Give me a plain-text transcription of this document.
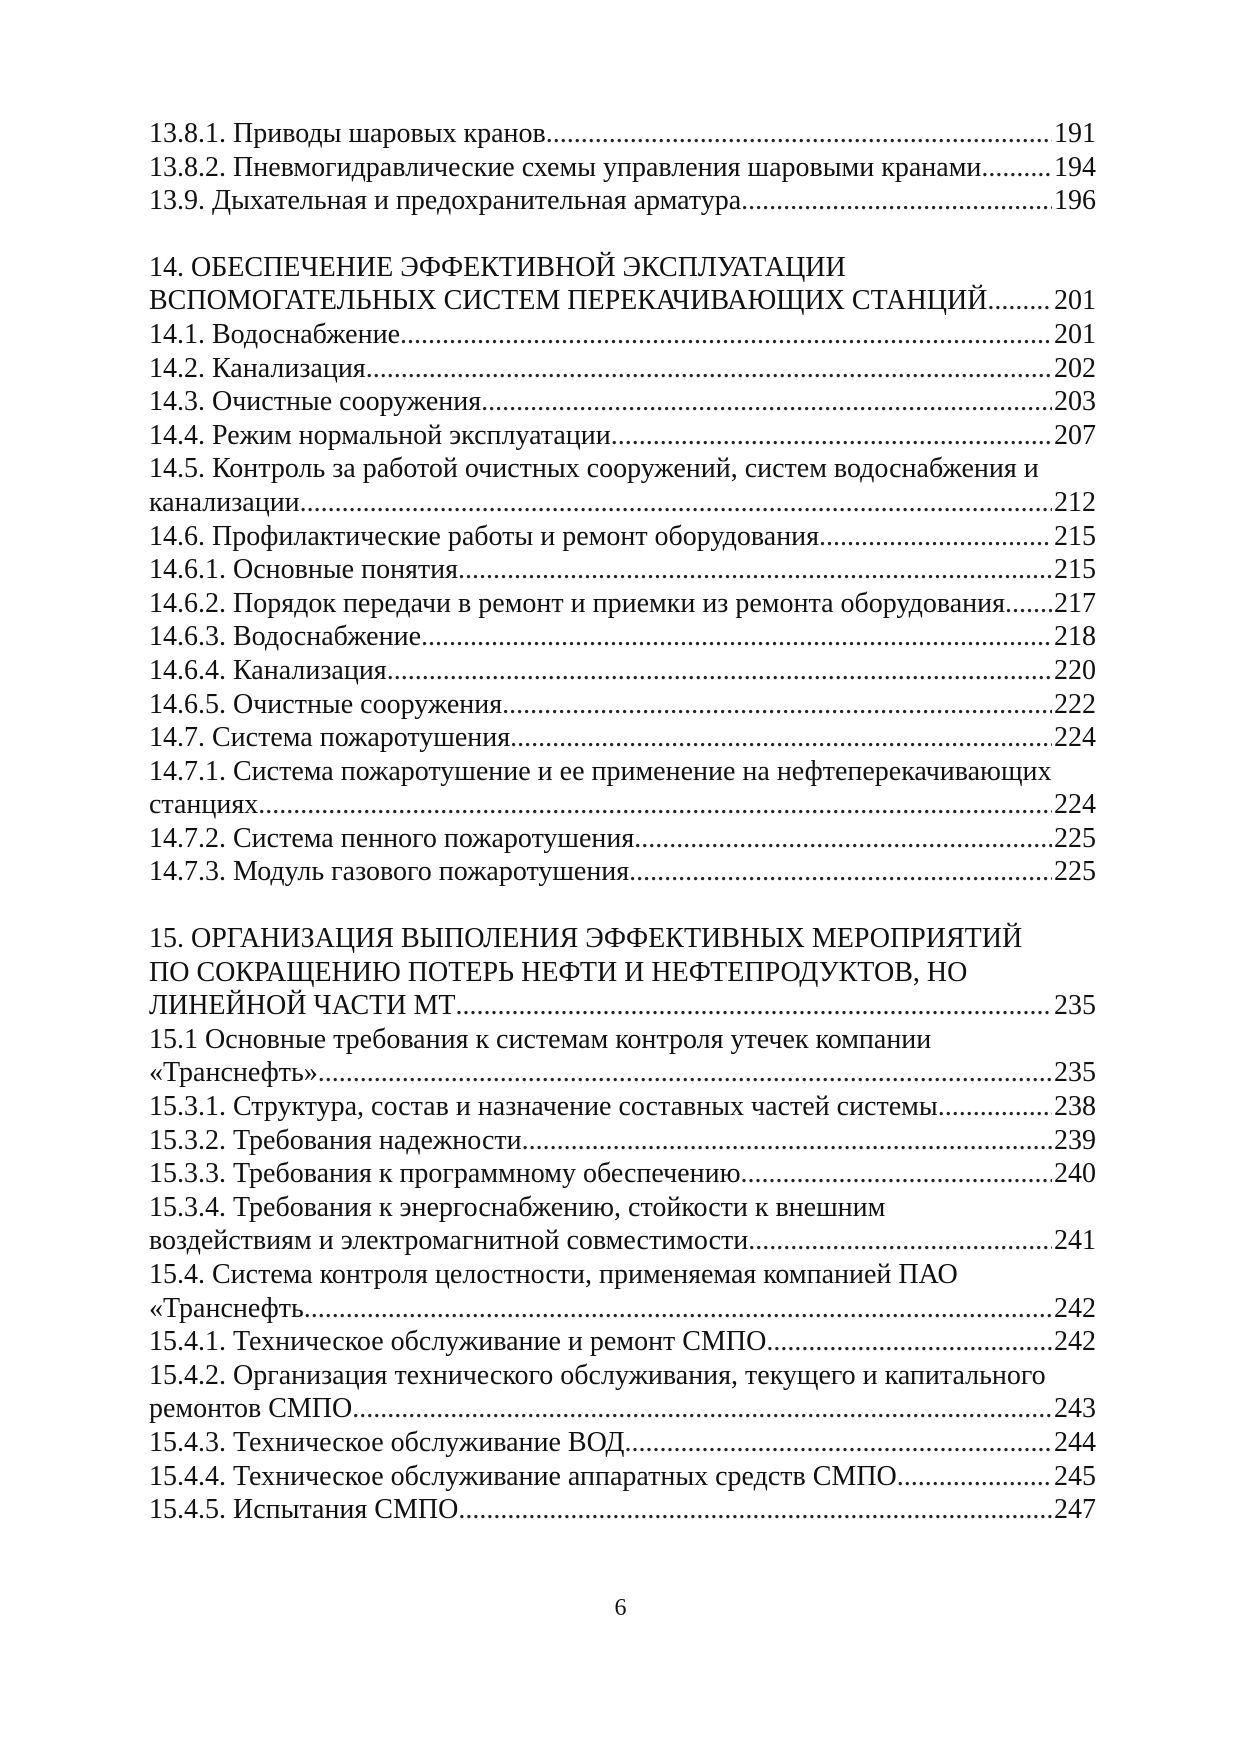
13.8.1. Приводы шаровых кранов .....	191
13.8.2. Пневмогидравлические схемы управления шаровыми кранами .....	194
13.9. Дыхательная и предохранительная арматура .....	196
14. ОБЕСПЕЧЕНИЕ ЭФФЕКТИВНОЙ ЭКСПЛУАТАЦИИ
ВСПОМОГАТЕЛЬНЫХ СИСТЕМ ПЕРЕКАЧИВАЮЩИХ СТАНЦИЙ ..... 201
14.1. Водоснабжение .....	201
14.2. Канализация .....	202
14.3. Очистные сооружения .....	203
14.4. Режим нормальной эксплуатации .....	207
14.5. Контроль за работой очистных сооружений, систем водоснабжения и
канализации .....	212
14.6. Профилактические работы и ремонт оборудования .....	215
14.6.1. Основные понятия .....	215
14.6.2. Порядок передачи в ремонт и приемки из ремонта оборудования ..... 217
14.6.3. Водоснабжение .....	218
14.6.4. Канализация .....	220
14.6.5. Очистные сооружения .....	222
14.7. Система пожаротушения .....	224
14.7.1. Система пожаротушение и ее применение на нефтеперекачивающих
станциях .....	224
14.7.2. Система пенного пожаротушения .....	225
14.7.3. Модуль газового пожаротушения .....	225
15. ОРГАНИЗАЦИЯ ВЫПОЛЕНИЯ ЭФФЕКТИВНЫХ МЕРОПРИЯТИЙ
ПО СОКРАЩЕНИЮ ПОТЕРЬ НЕФТИ И НЕФТЕПРОДУКТОВ, НО
ЛИНЕЙНОЙ ЧАСТИ МТ .....	235
15.1 Основные требования к системам контроля утечек компании
«Транснефть» .....	235
15.3.1. Структура, состав и назначение составных частей системы .....	238
15.3.2. Требования надежности .....	239
15.3.3. Требования к программному обеспечению .....	240
15.3.4. Требования к энергоснабжению, стойкости к внешним
воздействиям и электромагнитной совместимости .....	241
15.4. Система контроля целостности, применяемая компанией ПАО
«Транснефть .....	242
15.4.1. Техническое обслуживание и ремонт СМПО .....	242
15.4.2. Организация технического обслуживания, текущего и капитального
ремонтов СМПО .....	243
15.4.3. Техническое обслуживание ВОД .....	244
15.4.4. Техническое обслуживание аппаратных средств СМПО .....	245
15.4.5. Испытания СМПО .....	247
6
